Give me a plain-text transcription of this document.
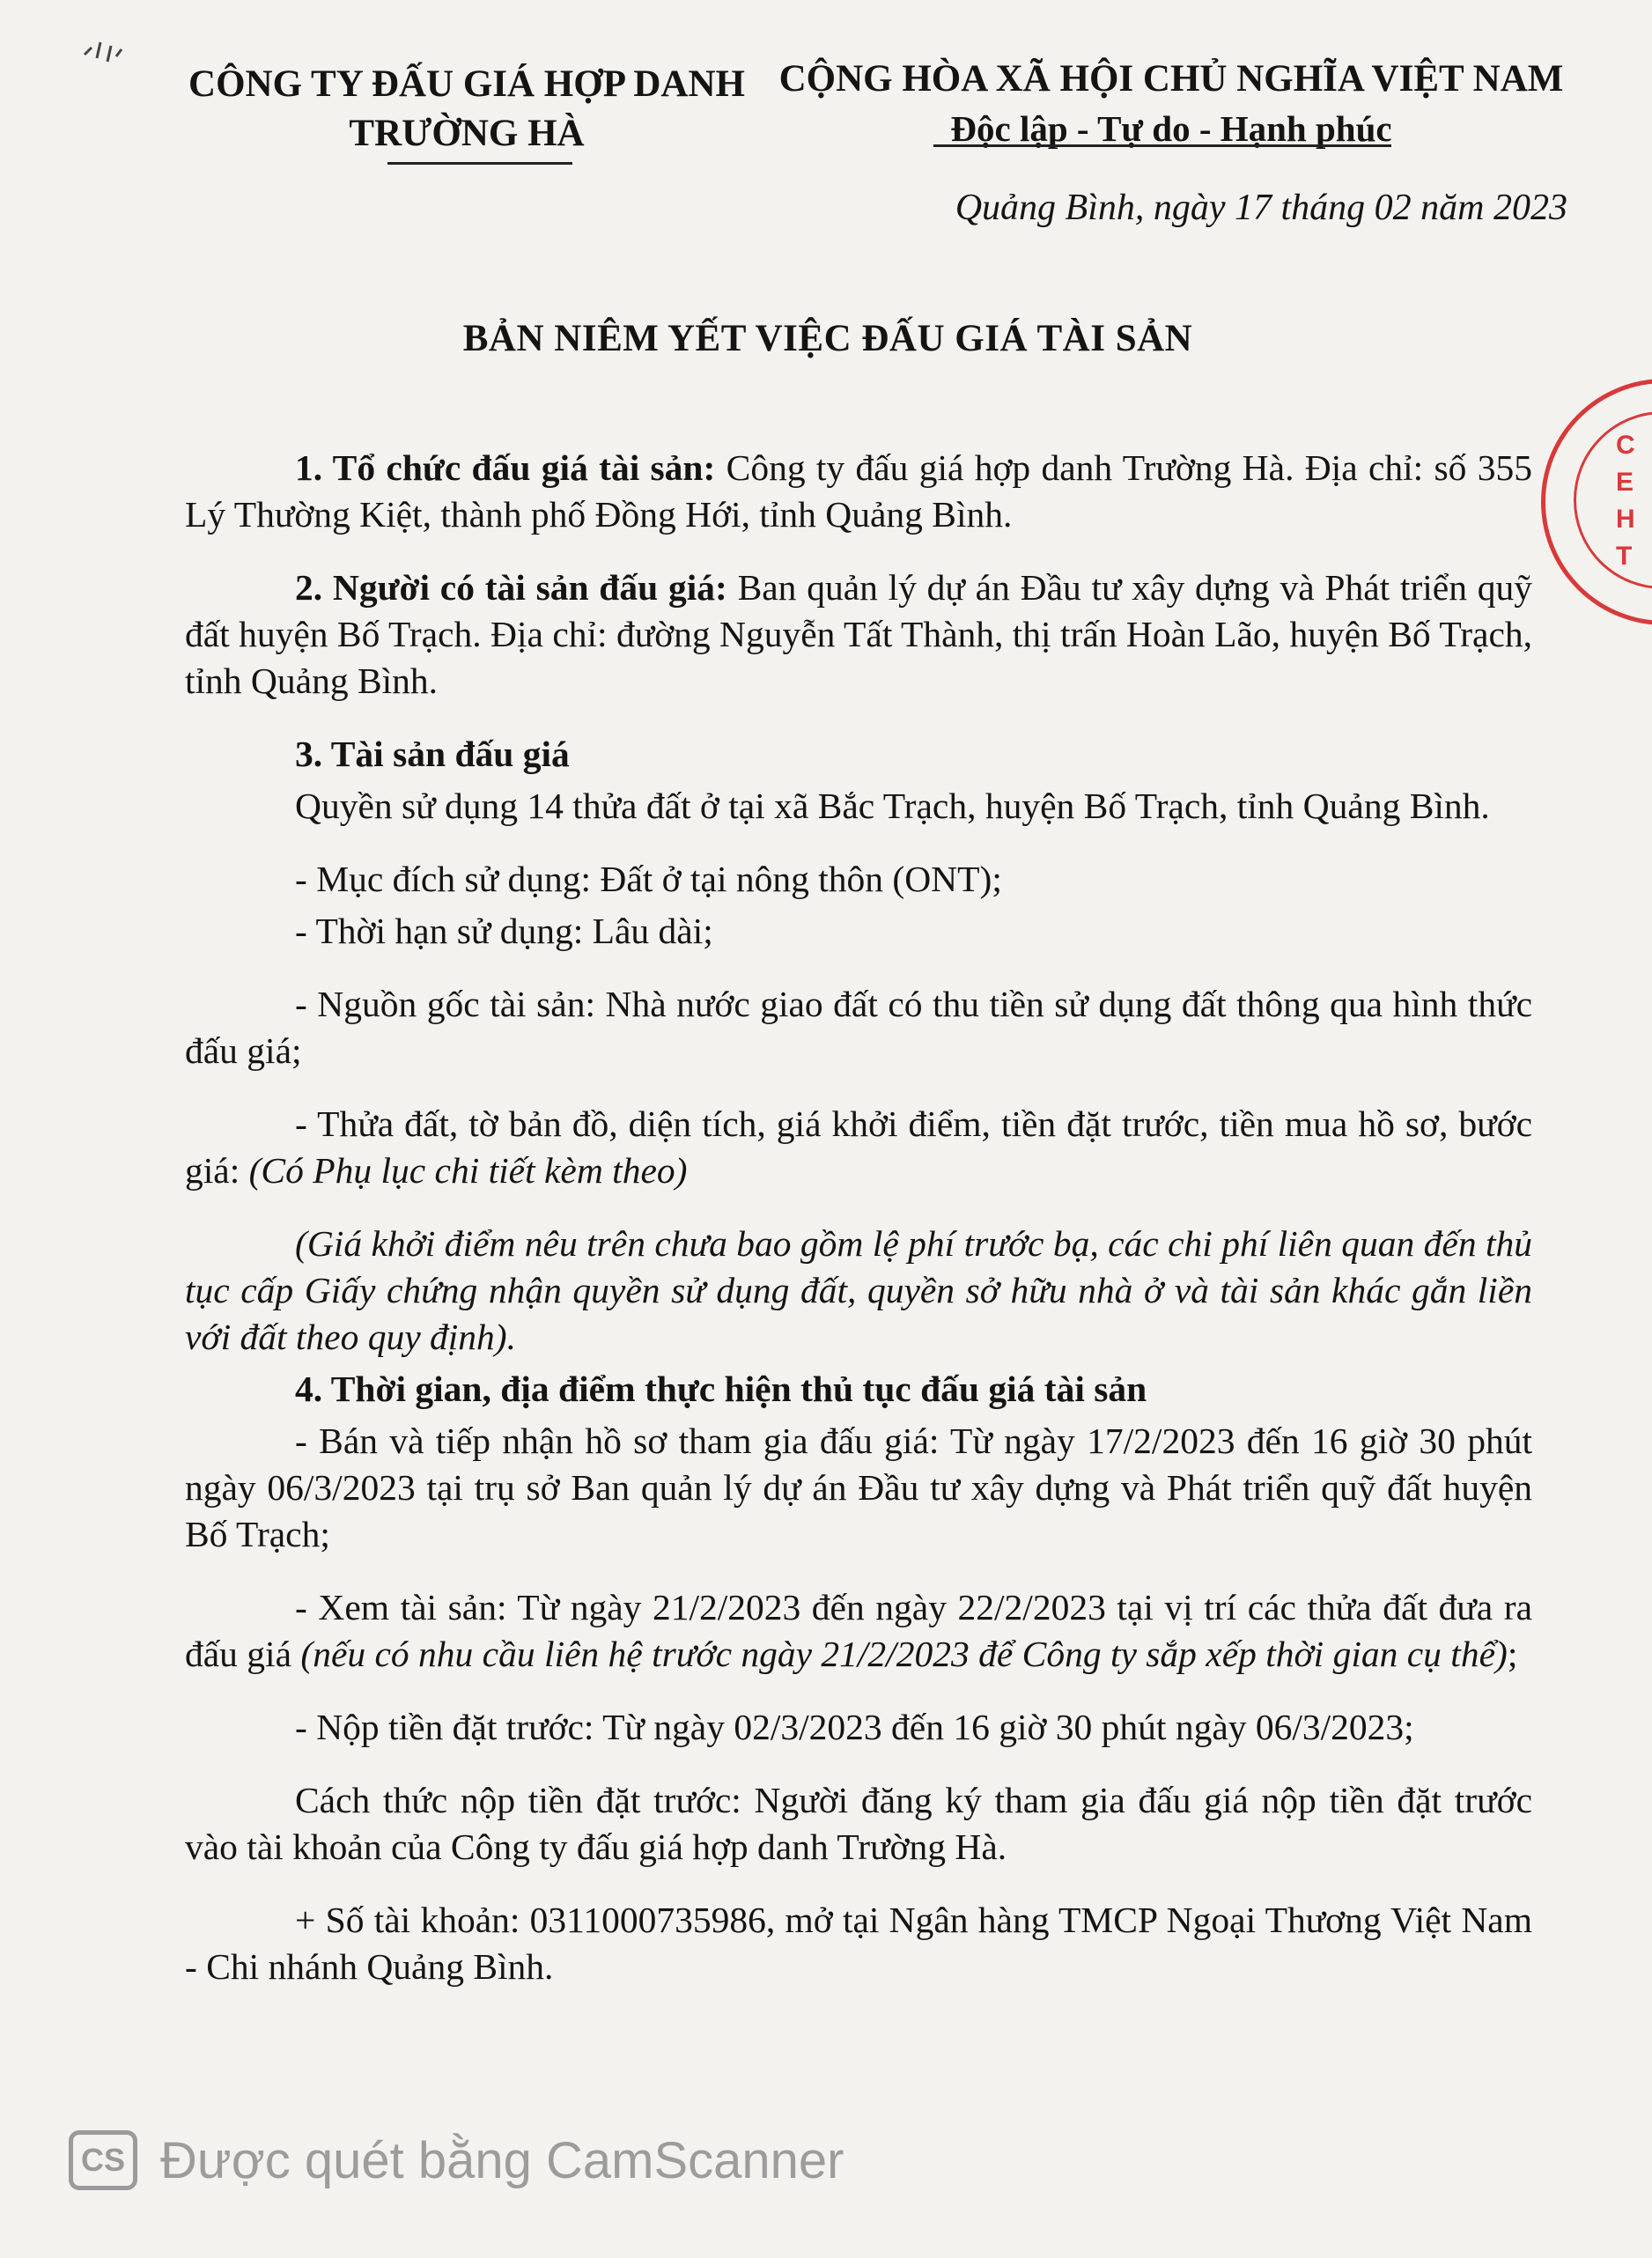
CÔNG TY ĐẤU GIÁ HỢP DANH
TRƯỜNG HÀ
CỘNG HÒA XÃ HỘI CHỦ NGHĨA VIỆT NAM
Độc lập - Tự do - Hạnh phúc
Quảng Bình, ngày 17 tháng 02 năm 2023
BẢN NIÊM YẾT VIỆC ĐẤU GIÁ TÀI SẢN

1. Tổ chức đấu giá tài sản: Công ty đấu giá hợp danh Trường Hà. Địa chỉ: số 355 Lý Thường Kiệt, thành phố Đồng Hới, tỉnh Quảng Bình.

2. Người có tài sản đấu giá: Ban quản lý dự án Đầu tư xây dựng và Phát triển quỹ đất huyện Bố Trạch. Địa chỉ: đường Nguyễn Tất Thành, thị trấn Hoàn Lão, huyện Bố Trạch, tỉnh Quảng Bình.

3. Tài sản đấu giá

Quyền sử dụng 14 thửa đất ở tại xã Bắc Trạch, huyện Bố Trạch, tỉnh Quảng Bình.

- Mục đích sử dụng: Đất ở tại nông thôn (ONT);

- Thời hạn sử dụng: Lâu dài;

- Nguồn gốc tài sản: Nhà nước giao đất có thu tiền sử dụng đất thông qua hình thức đấu giá;

- Thửa đất, tờ bản đồ, diện tích, giá khởi điểm, tiền đặt trước, tiền mua hồ sơ, bước giá: (Có Phụ lục chi tiết kèm theo)

(Giá khởi điểm nêu trên chưa bao gồm lệ phí trước bạ, các chi phí liên quan đến thủ tục cấp Giấy chứng nhận quyền sử dụng đất, quyền sở hữu nhà ở và tài sản khác gắn liền với đất theo quy định).

4. Thời gian, địa điểm thực hiện thủ tục đấu giá tài sản

- Bán và tiếp nhận hồ sơ tham gia đấu giá: Từ ngày 17/2/2023 đến 16 giờ 30 phút ngày 06/3/2023 tại trụ sở Ban quản lý dự án Đầu tư xây dựng và Phát triển quỹ đất huyện Bố Trạch;

- Xem tài sản: Từ ngày 21/2/2023 đến ngày 22/2/2023 tại vị trí các thửa đất đưa ra đấu giá (nếu có nhu cầu liên hệ trước ngày 21/2/2023 để Công ty sắp xếp thời gian cụ thể);

- Nộp tiền đặt trước: Từ ngày 02/3/2023 đến 16 giờ 30 phút ngày 06/3/2023;

Cách thức nộp tiền đặt trước: Người đăng ký tham gia đấu giá nộp tiền đặt trước vào tài khoản của Công ty đấu giá hợp danh Trường Hà.

+ Số tài khoản: 0311000735986, mở tại Ngân hàng TMCP Ngoại Thương Việt Nam - Chi nhánh Quảng Bình.

C
E
H
T
CS Được quét bằng CamScanner
